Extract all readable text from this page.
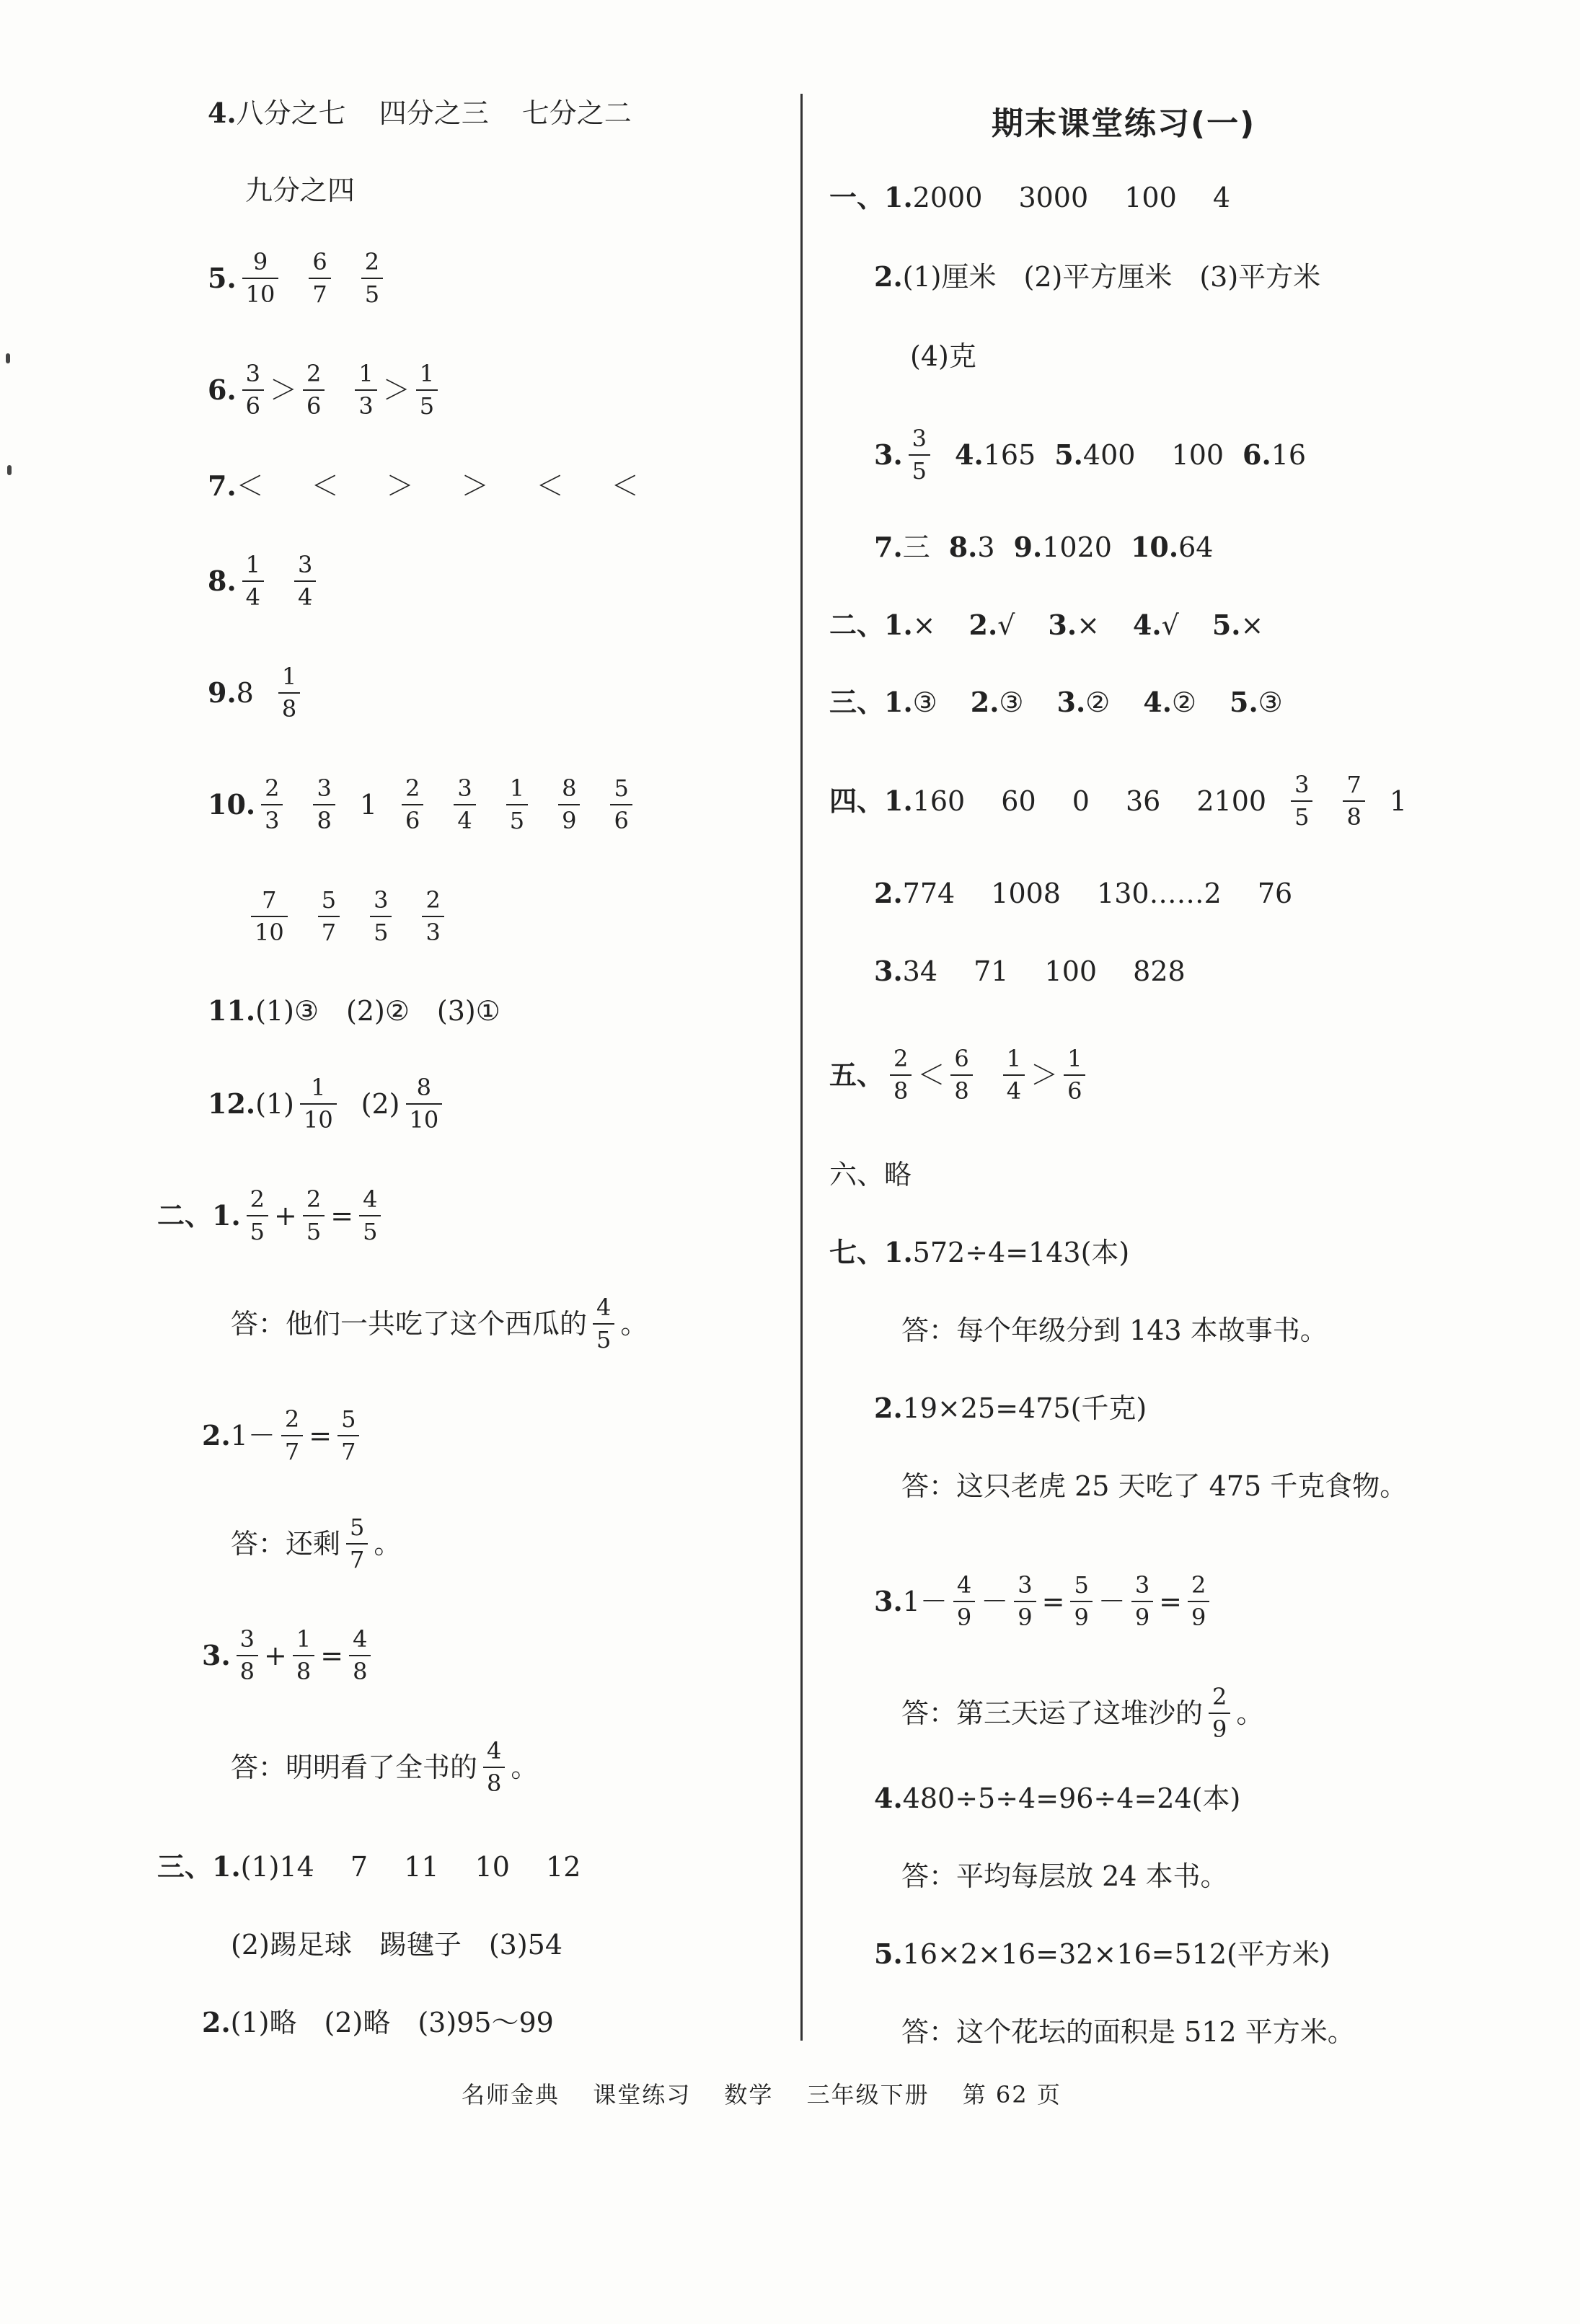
4. 八分之七 四分之三 七分之二
九分之四
5. $\frac{9}{10} \frac{6}{7} \frac{2}{5}$
6. $\frac{3}{6} > \frac{2}{6} \frac{1}{3} > \frac{1}{5}$
7. ＜　＜　＞　＞　＜　＜
8. $\frac{1}{4} \frac{3}{4}$
9. $8 \frac{1}{8}$
10. $\frac{2}{3} \frac{3}{8} 1 \frac{2}{6} \frac{3}{4} \frac{1}{5} \frac{8}{9} \frac{5}{6}$
$\frac{7}{10} \frac{5}{7} \frac{3}{5} \frac{2}{3}$
11. (1)③　(2)②　(3)①
12. $(1) \frac{1}{10} (2) \frac{8}{10}$
二、1. $\frac{2}{5} + \frac{2}{5} = \frac{4}{5}$
答：他们一共吃了这个西瓜的 $\frac{4}{5}$ 。
2. $1- \frac{2}{7} = \frac{5}{7}$
答：还剩 $\frac{5}{7}$ 。
3. $\frac{3}{8} + \frac{1}{8} = \frac{4}{8}$
答：明明看了全书的 $\frac{4}{8}$ 。
三、1. (1)14　 7　 11　 10　 12
(2)踢足球　踢毽子　(3)54
2. (1)略　(2)略　(3)95～99
期末课堂练习(一)
一、1. 2000　 3000　 100　 4
2. (1)厘米　(2)平方厘米　(3)平方米
(4)克
3. $\frac{3}{5} 4$. 165 5. 400　 100 6. 16
7. 三 8. 3 9. 1020 10. 64
二、1. × 2. √ 3. × 4. √ 5. ×
三、1. ③ 2. ③ 3. ② 4. ② 5. ③
四、1. 160　 60　 0　 36　 $2100 \frac{3}{5} \frac{7}{8} 1$
2. 774　 1008　 130……2　 76
3. 34　 71　 100　 828
五、 $\frac{2}{8} < \frac{6}{8} \frac{1}{4} > \frac{1}{6}$
六、略
七、1. 572÷4=143(本)
答：每个年级分到 143 本故事书。
2. 19×25=475(千克)
答：这只老虎 25 天吃了 475 千克食物。
3. $1- \frac{4}{9} - \frac{3}{9} = \frac{5}{9} - \frac{3}{9} = \frac{2}{9}$
答：第三天运了这堆沙的 $\frac{2}{9}$ 。
4. 480÷5÷4=96÷4=24(本)
答：平均每层放 24 本书。
5. 16×2×16=32×16=512(平方米)
答：这个花坛的面积是 512 平方米。
名师金典 课堂练习 数学 三年级下册 第 62 页
